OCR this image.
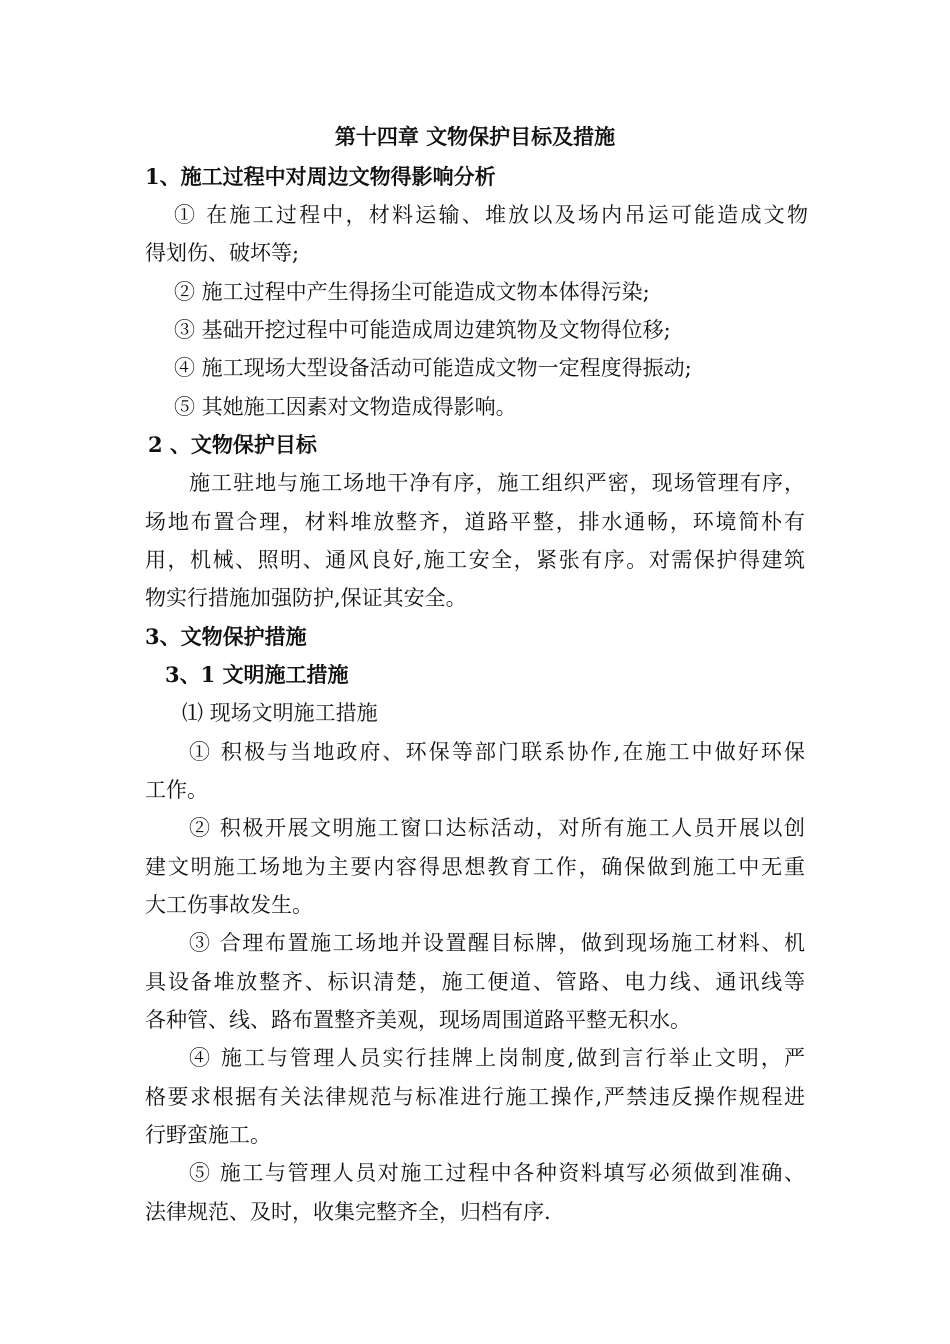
第十四章 文物保护目标及措施
1、施工过程中对周边文物得影响分析
① 在施工过程中，材料运输、堆放以及场内吊运可能造成文物
得划伤、破坏等;
② 施工过程中产生得扬尘可能造成文物本体得污染;
③ 基础开挖过程中可能造成周边建筑物及文物得位移;
④ 施工现场大型设备活动可能造成文物一定程度得振动;
⑤ 其她施工因素对文物造成得影响。
2 、文物保护目标
施工驻地与施工场地干净有序，施工组织严密，现场管理有序，
场地布置合理，材料堆放整齐，道路平整，排水通畅，环境简朴有
用，机械、照明、通风良好,施工安全，紧张有序。对需保护得建筑
物实行措施加强防护,保证其安全。
3、文物保护措施
3、1 文明施工措施
⑴ 现场文明施工措施
① 积极与当地政府、环保等部门联系协作,在施工中做好环保
工作。
② 积极开展文明施工窗口达标活动，对所有施工人员开展以创
建文明施工场地为主要内容得思想教育工作，确保做到施工中无重
大工伤事故发生。
③ 合理布置施工场地并设置醒目标牌，做到现场施工材料、机
具设备堆放整齐、标识清楚，施工便道、管路、电力线、通讯线等
各种管、线、路布置整齐美观，现场周围道路平整无积水。
④ 施工与管理人员实行挂牌上岗制度,做到言行举止文明，严
格要求根据有关法律规范与标准进行施工操作,严禁违反操作规程进
行野蛮施工。
⑤ 施工与管理人员对施工过程中各种资料填写必须做到准确、
法律规范、及时，收集完整齐全，归档有序.
